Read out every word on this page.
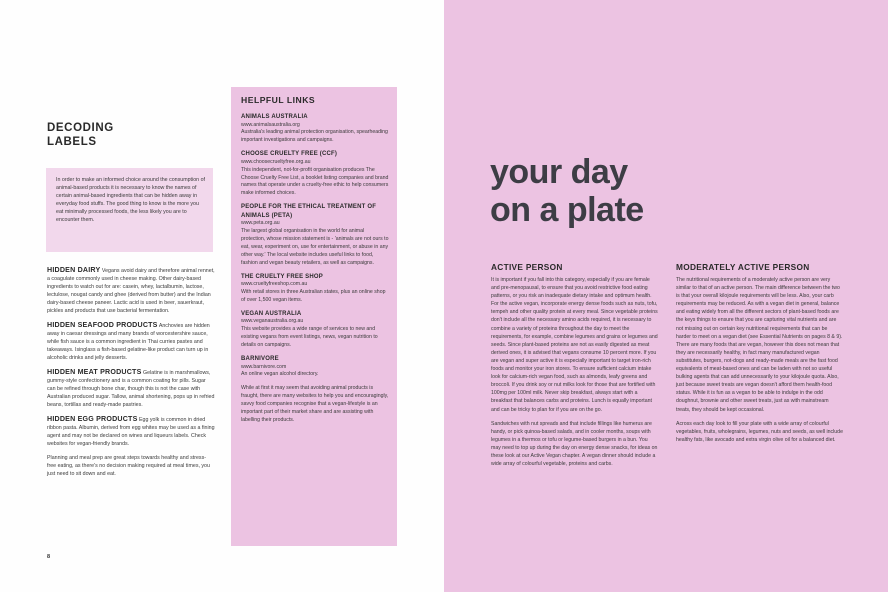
DECODING
LABELS

In order to make an informed choice around the consumption of animal-based products it is necessary to know the names of certain animal-based ingredients that can be hidden away in everyday food stuffs. The good thing to know is the more you eat minimally processed foods, the less likely you are to encounter them.

HIDDEN DAIRY Vegans avoid dairy and therefore animal rennet, a coagulate commonly used in cheese making. Other dairy-based ingredients to watch out for are: casein, whey, lactalbumin, lactose, lectulose, nougat candy and ghee (derived from butter) and the Indian dairy-based cheese paneer. Lactic acid is used in beer, sauerkraut, pickles and products that use bacterial fermentation.

HIDDEN SEAFOOD PRODUCTS Anchovies are hidden away in caesar dressings and many brands of worcestershire sauce, while fish sauce is a common ingredient in Thai curries pastes and takeaways. Isinglass a fish-based gelatine-like product can turn up in alcoholic drinks and jelly desserts.

HIDDEN MEAT PRODUCTS Gelatine is in marshmallows, gummy-style confectionery and is a common coating for pills. Sugar can be refined through bone char, though this is not the case with Australian produced sugar. Tallow, animal shortening, pops up in refried beans, tortillas and ready-made pastries.

HIDDEN EGG PRODUCTS Egg yolk is common in dried ribbon pasta. Albumin, derived from egg whites may be used as a fining agent and may not be declared on wines and liqueurs labels. Check websites for vegan-friendly brands.

Planning and meal prep are great steps towards healthy and stress-free eating, as there's no decision making required at meal times, you just need to sit down and eat.

8
HELPFUL LINKS
ANIMALS AUSTRALIA
www.animalsaustralia.org
Australia's leading animal protection organisation, spearheading important investigations and campaigns.
CHOOSE CRUELTY FREE (CCF)
www.choosecrueltyfree.org.au
This independent, not-for-profit organisation produces The Choose Cruelty Free List, a booklet listing companies and brand names that operate under a cruelty-free ethic to help consumers make informed choices.
PEOPLE FOR THE ETHICAL TREATMENT OF ANIMALS (PETA)
www.peta.org.au
The largest global organisation in the world for animal protection, whose mission statement is - 'animals are not ours to eat, wear, experiment on, use for entertainment, or abuse in any other way.' The local website includes useful links to food, fashion and vegan beauty retailers, as well as campaigns.
THE CRUELTY FREE SHOP
www.crueltyfreeshop.com.au
With retail stores in three Australian states, plus an online shop of over 1,500 vegan items.
VEGAN AUSTRALIA
www.veganaustralia.org.au
This website provides a wide range of services to new and existing vegans from event listings, news, vegan nutrition to details on campaigns.
BARNIVORE
www.barnivore.com
An online vegan alcohol directory.

While at first it may seem that avoiding animal products is fraught, there are many websites to help you and encouragingly, savvy food companies recognise that a vegan-lifestyle is an important part of their market share and are assisting with labelling their products.

your day
on a plate
ACTIVE PERSON

It is important if you fall into this category, especially if you are female and pre-menopausal, to ensure that you avoid restrictive food eating patterns, or you risk an inadequate dietary intake and optimum health. For the active vegan, incorporate energy dense foods such as nuts, tofu, tempeh and other quality protein at every meal. Since vegetable proteins don't include all the necessary amino acids required, it is necessary to combine a variety of proteins throughout the day to meet the requirements, for example, combine legumes and grains or legumes and seeds. Since plant-based proteins are not as easily digested as meat derived ones, it is advised that vegans consume 10 percent more. If you are vegan and super active it is especially important to target iron-rich foods and monitor your iron stores. To ensure sufficient calcium intake look for calcium-rich vegan food, such as almonds, leafy greens and broccoli. If you drink soy or nut milks look for those that are fortified with 100mg per 100ml milk. Never skip breakfast, always start with a breakfast that balances carbs and proteins. Lunch is equally important and can be tricky to plan for if you are on the go.

Sandwiches with nut spreads and that include fillings like humerus are handy, or pick quinoa-based salads, and in cooler months, soups with legumes in a thermos or tofu or legume-based burgers in a bun. You may need to top up during the day on energy dense snacks, for ideas on these look at our Active Vegan chapter. A vegan dinner should include a wide array of colourful vegetable, proteins and carbs.

MODERATELY ACTIVE PERSON

The nutritional requirements of a moderately active person are very similar to that of an active person. The main difference between the two is that your overall kilojoule requirements will be less. Also, your carb requirements may be reduced. As with a vegan diet in general, balance and eating widely from all the different sectors of plant-based foods are the keys things to ensure that you are capturing vital nutrients and are not missing out on certain key nutritional requirements that can be harder to meet on a vegan diet (see Essential Nutrients on pages 8 & 9). There are many foods that are vegan, however this does not mean that they are necessarily healthy, in fact many manufactured vegan substitutes, burgers, not-dogs and ready-made meals are the fast food equivalents of meat-based ones and can be laden with not so useful bulking agents that can add unnecessarily to your kilojoule quota. Also, just because sweet treats are vegan doesn't afford them health-food status. While it is fun as a vegan to be able to indulge in the odd doughnut, brownie and other sweet treats, just as with mainstream treats, they should be kept occasional.

Across each day look to fill your plate with a wide array of colourful vegetables, fruits, wholegrains, legumes, nuts and seeds, as well include healthy fats, like avocado and extra virgin olive oil for a balanced diet.
